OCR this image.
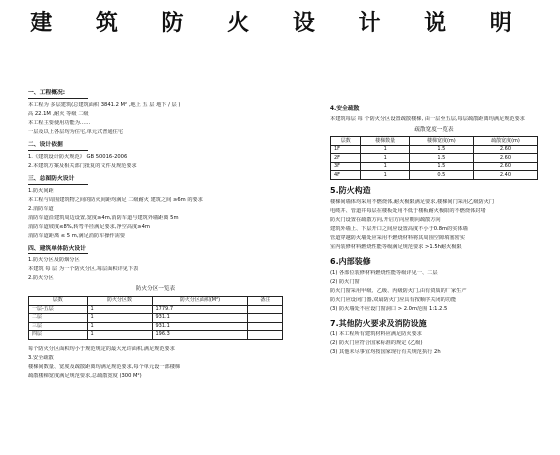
建 筑 防 火 设 计 说 明
一、工程概况:
本工程为 多层建筑(总建筑面积 3841.2 M² ,地上 五 层 地下 / 层 )
高 22.1M ,耐火 等级 二级
本工程主要使用功能为……
一层及以上各层均为住宅,单元式普通住宅
二、设计依据
1.《建筑设计防火规范》 GB 50016-2006
2.本建筑方案及相关部门批复的文件及规范要求
三、总图防火设计
1.防火间距
本工程与周围建筑物之间的防火间距均满足 二级耐火 建筑之间 ≥6m 的要求
2.消防车道
消防车道沿建筑周边设置,宽度≥4m,消防车道与建筑外墙距离 5m
消防车道坡度≤8%,转弯半径满足要求,净空高度≥4m
消防车道距离 ≤ 5 m,满足消防车操作需要
四、建筑单体防火设计
1.防火分区及防烟分区
本建筑 每 层 为一个防火分区,每层面积详见下表
2.防火分区
防火分区一览表
层数	防火分区数	防火分区面积(M²)	备注
一层-五层	1	1779.7	
二层	1	931.1	
三层	1	931.1	
四层	1	196.3	
每个防火分区面积均小于规范规定的最大允许面积,满足规范要求
3.安全疏散
楼梯间数量、宽度及疏散距离均满足规范要求,每个单元设一部楼梯
疏散楼梯宽度满足规范要求,总疏散宽度 (300 M²)
4.安全疏散
本建筑每层 每 个防火分区设置疏散楼梯, 由一层至五层,每层疏散距离均满足规范要求
疏散宽度一览表
层数	楼梯数量	楼梯宽度(m)	疏散宽度(m)
1F	1	1.5	2.60
2F	1	1.5	2.60
3F	1	1.5	2.60
4F	1	0.5	2.40
5.防火构造
楼梯间墙体均采用不燃烧体,耐火极限满足要求,楼梯间门采用乙级防火门
电缆井、管道井每层在楼板处用不低于楼板耐火极限的不燃烧体封堵
防火门设置在疏散方向,开启方向应朝向疏散方向
建筑外墙上、下层开口之间应设置高度不小于0.8m的实体墙
管道穿越防火墙处应采用不燃烧材料将其周围空隙填塞密实
室内装修材料燃烧性能等级满足规范要求 >1.5h耐火极限
6.内部装修
(1) 各部位装修材料燃烧性能等级详见一、二层
(2) 防火门窗
防火门窗采用甲级、乙级、丙级防火门,由有资质的厂家生产
防火门应设闭门器,双扇防火门应具有按顺序关闭的功能
(3) 防火墙处不应设门窗洞口 > 2.0m范围 1:1.2.5
7.其他防火要求及消防设施
(1) 本工程所有建筑材料应满足防火要求
(2) 防火门应符合国家标准的规定 (乙级)
(3) 其他未尽事宜均按国家现行有关规范执行 2h
